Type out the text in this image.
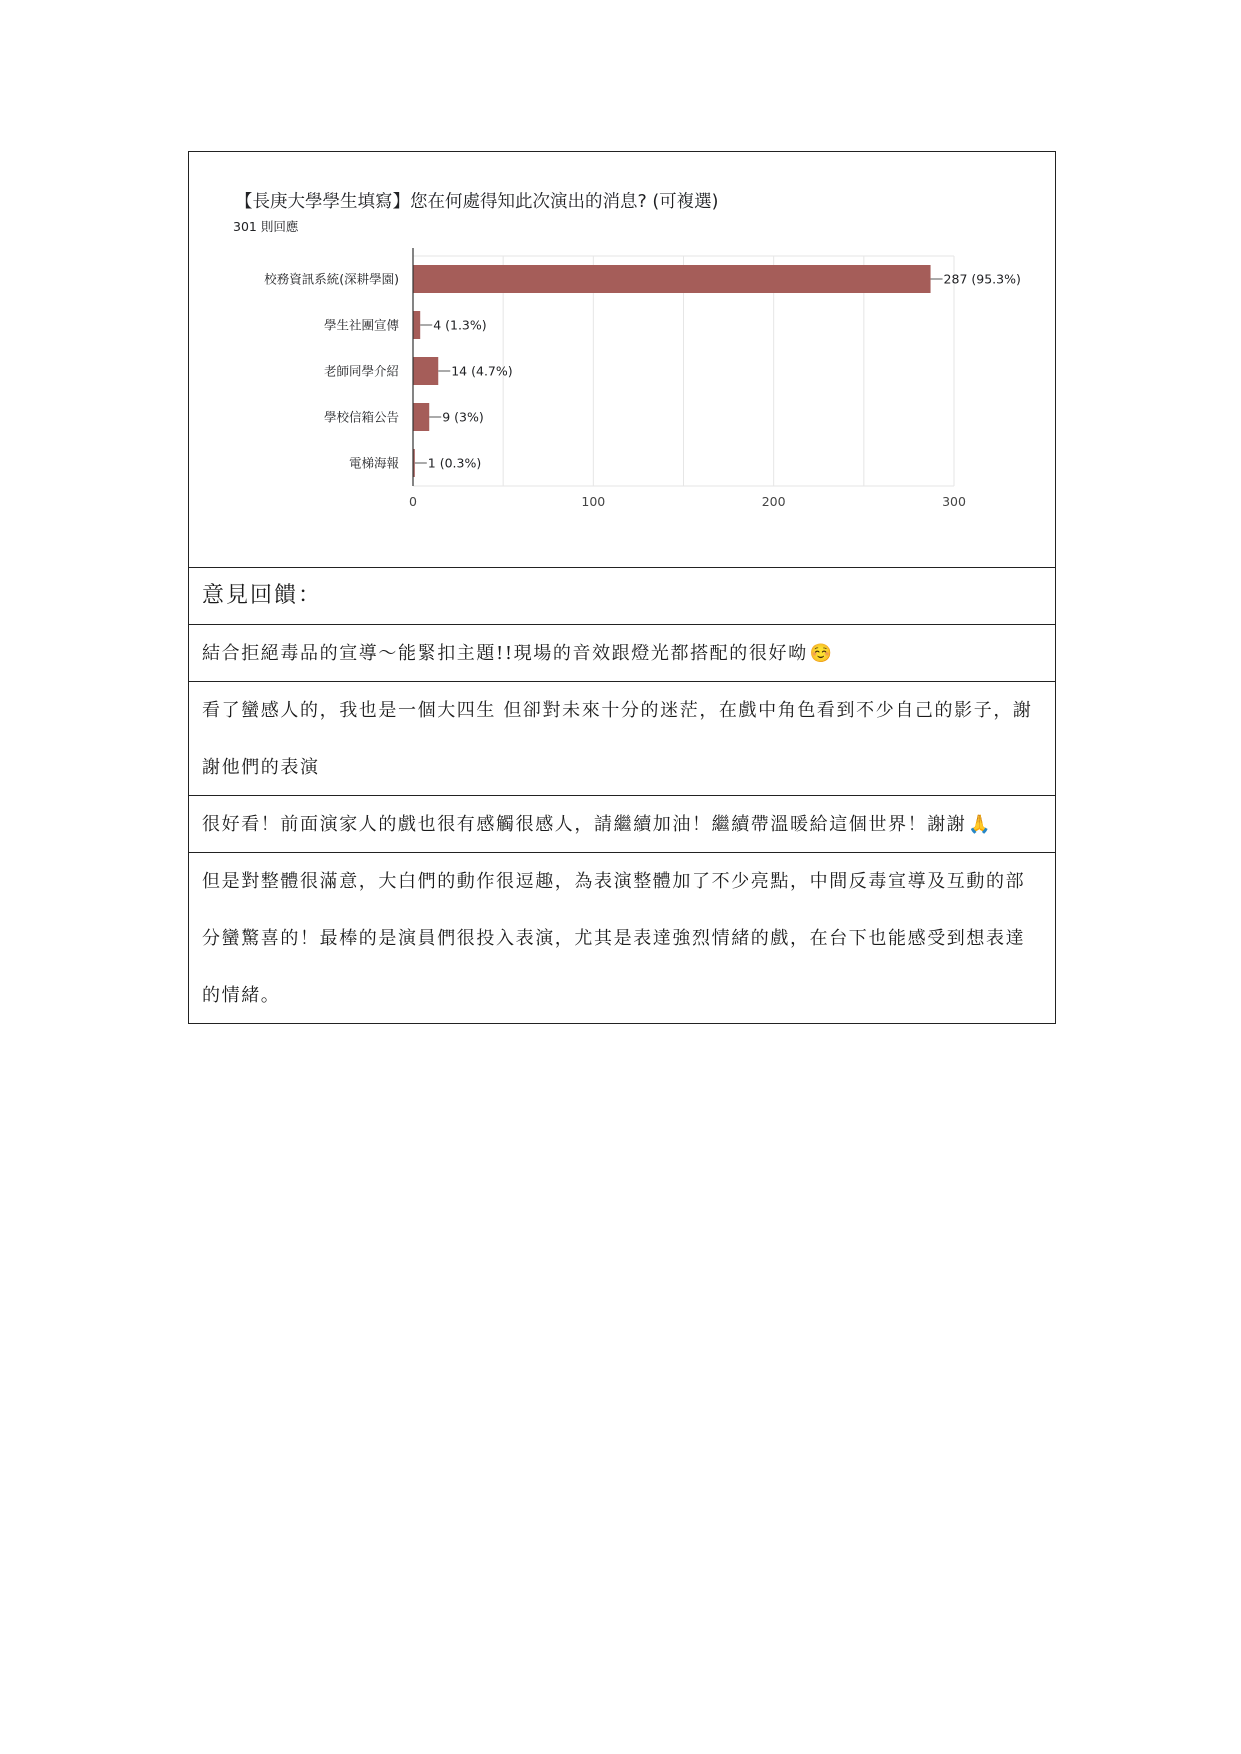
【長庚大學學生填寫】您在何處得知此次演出的消息? (可複選)
301 則回應
0	100	200	300
校務資訊系統(深耕學園)	287 (95.3%)
學生社團宣傳	4 (1.3%)
老師同學介紹	14 (4.7%)
學校信箱公告	9 (3%)
電梯海報 1 (0.3%)
意見回饋：
結合拒絕毒品的宣導～能緊扣主題!!現場的音效跟燈光都搭配的很好呦 ☺️
看了蠻感人的，我也是一個大四生 但卻對未來十分的迷茫，在戲中角色看到不少自己的影子，謝謝他們的表演
很好看！前面演家人的戲也很有感觸很感人，請繼續加油！繼續帶溫暖給這個世界！謝謝 🙏
但是對整體很滿意，大白們的動作很逗趣，為表演整體加了不少亮點，中間反毒宣導及互動的部分蠻驚喜的！最棒的是演員們很投入表演，尤其是表達強烈情緒的戲，在台下也能感受到想表達的情緒。
